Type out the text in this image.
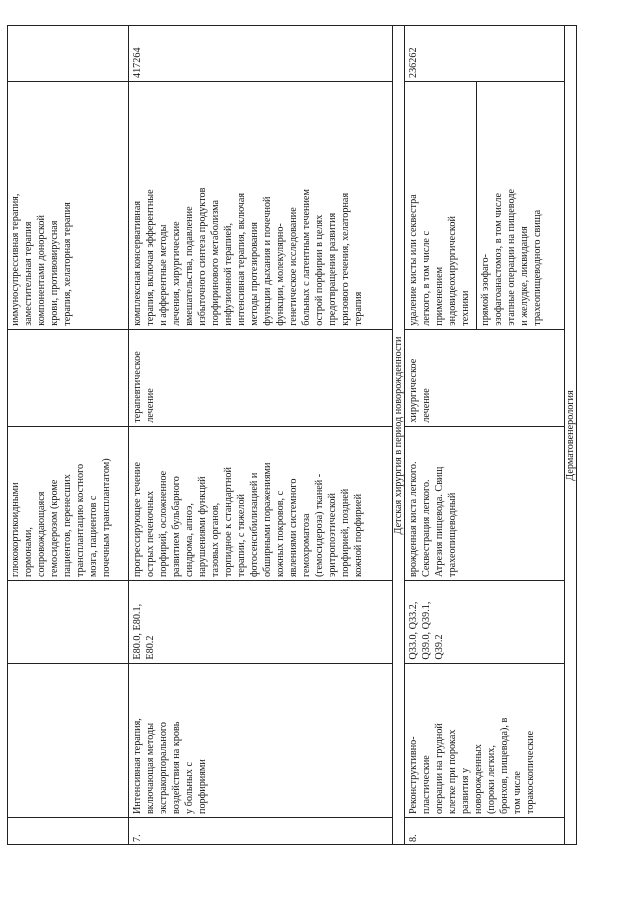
глюкокортикоидными
гормонами,
сопровождающаяся
гемосидерозом (кроме
пациентов, перенесших
трансплантацию костного
мозга, пациентов с
почечным трансплантатом)
иммуносупрессивная терапия,
заместительная терапия
компонентами донорской
крови, противовирусная
терапия, хелаторная терапия
Интенсивная терапия,
включающая методы
экстракорпорального
воздействия на кровь
у больных с
порфириями
E80.0, E80.1,
E80.2
прогрессирующее течение
острых печеночных
порфирий, осложненное
развитием бульбарного
синдрома, апноэ,
нарушениями функций
тазовых органов,
торпидное к стандартной
терапии, с тяжелой
фотосенсибилизацией и
обширными поражениями
кожных покровов, с
явлениями системного
гемохроматоза
(гемосидероза) тканей -
эритропоэтической
порфирией, поздней
кожной порфирией
терапевтическое
лечение
комплексная консервативная
терапия, включая эфферентные
и афферентные методы
лечения, хирургические
вмешательства, подавление
избыточного синтеза продуктов
порфиринового метаболизма
инфузионной терапией,
интенсивная терапия, включая
методы протезирования
функции дыхания и почечной
функции, молекулярно-
генетическое исследование
больных с латентным течением
острой порфирии в целях
предотвращения развития
кризового течения, хелаторная
терапия
Детская хирургия в период новорожденности
Реконструктивно-
пластические
операции на грудной
клетке при пороках
развития у
новорожденных
(пороки легких,
бронхов, пищевода), в
том числе
торакоскопические
Q33.0, Q33.2,
Q39.0, Q39.1,
Q39.2
врожденная киста легкого.
Секвестрация легкого.
Атрезия пищевода. Свищ
трахеопищеводный
хирургическое
лечение
удаление кисты или секвестра
легкого, в том числе с
применением
эндовидеохирургической
техники прямой эзофаго-
эзофагоанастомоз, в том числе
этапные операции на пищеводе
и желудке, ликвидация
трахеопищеводного свища
Дерматовенерология
7.	8.
417264	236262
